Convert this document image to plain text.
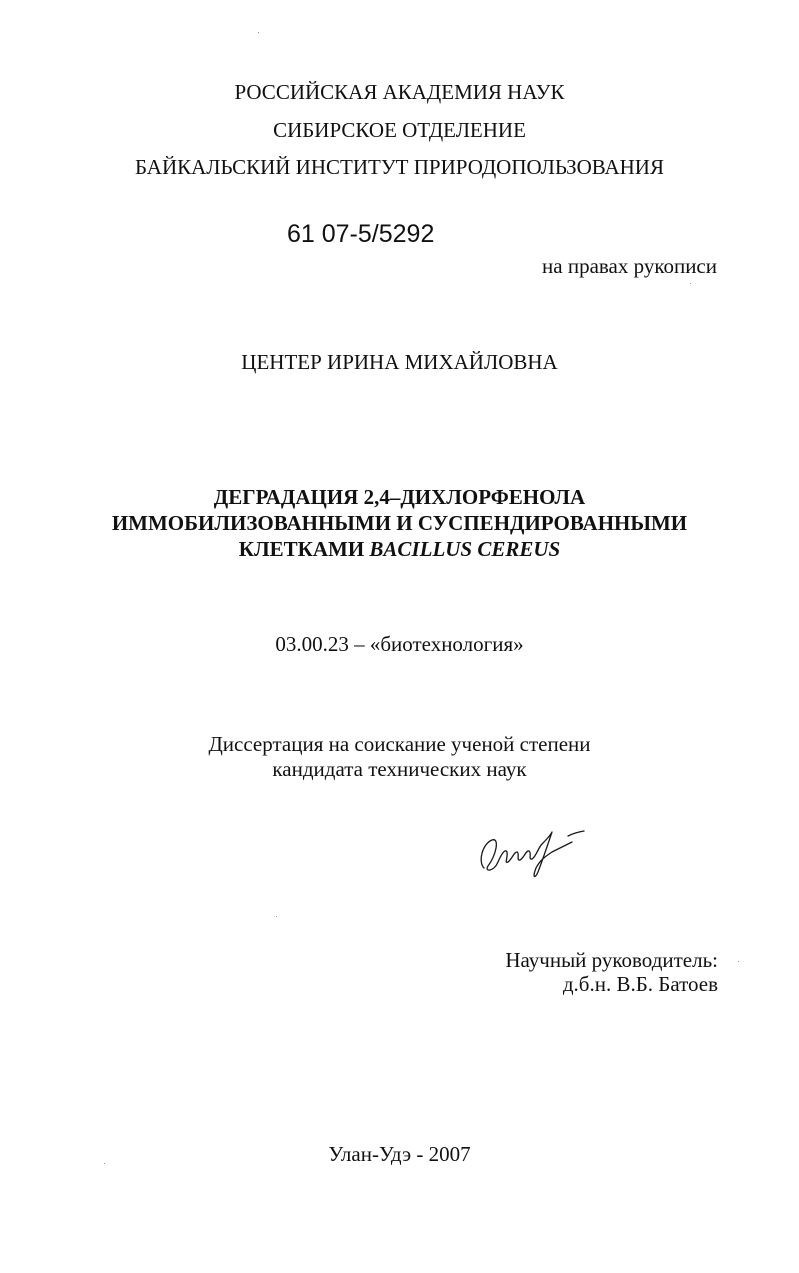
РОССИЙСКАЯ АКАДЕМИЯ НАУК
СИБИРСКОЕ ОТДЕЛЕНИЕ
БАЙКАЛЬСКИЙ ИНСТИТУТ ПРИРОДОПОЛЬЗОВАНИЯ
61 07-5/5292
на правах рукописи
ЦЕНТЕР ИРИНА МИХАЙЛОВНА
ДЕГРАДАЦИЯ 2,4–ДИХЛОРФЕНОЛА
ИММОБИЛИЗОВАННЫМИ И СУСПЕНДИРОВАННЫМИ
КЛЕТКАМИ BACILLUS CEREUS
03.00.23 – «биотехнология»
Диссертация на соискание ученой степени
кандидата технических наук
Научный руководитель:
д.б.н. В.Б. Батоев
Улан-Удэ - 2007
